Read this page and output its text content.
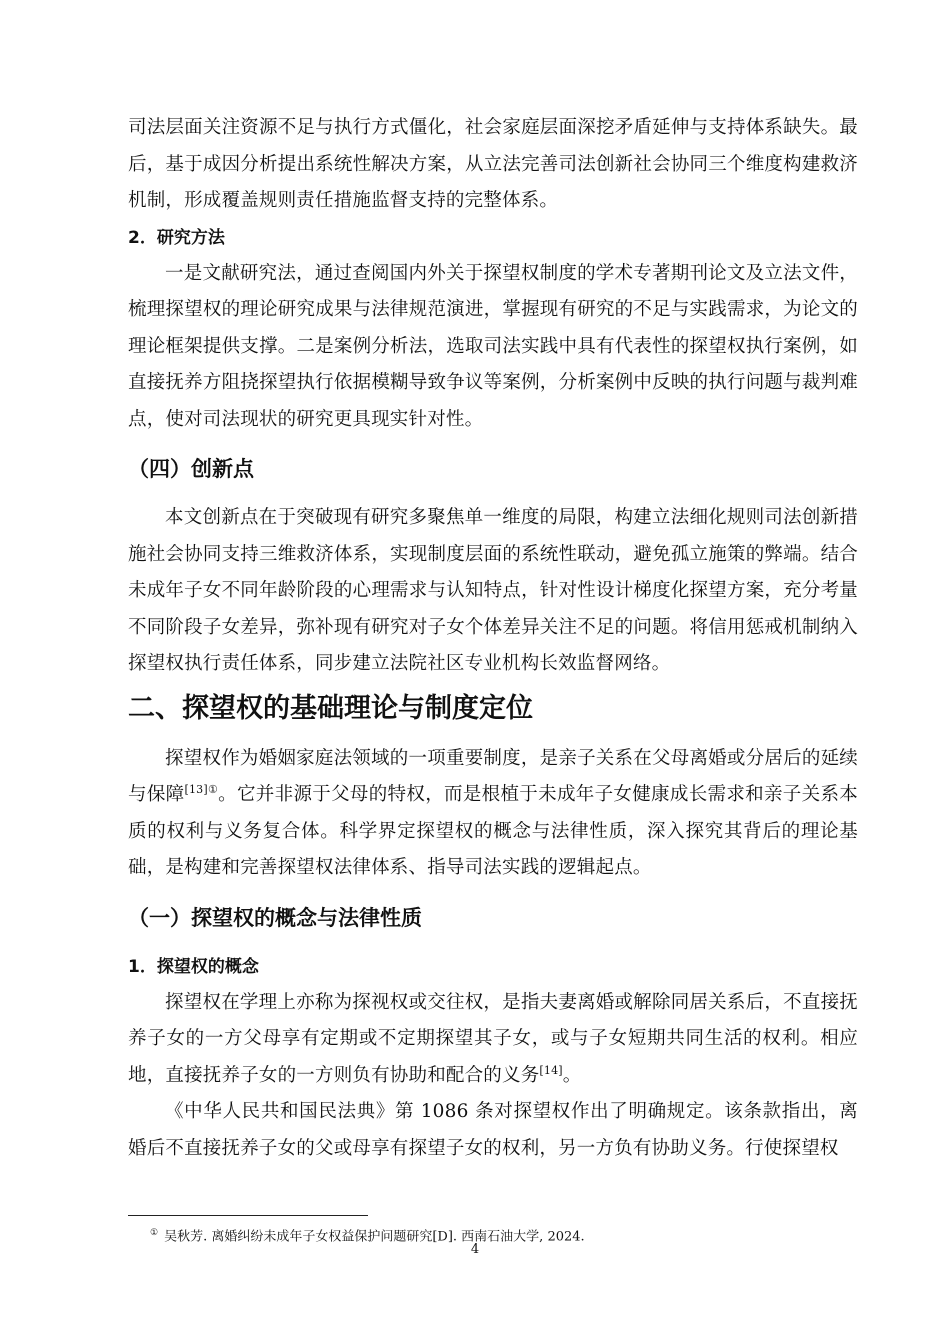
司法层面关注资源不足与执行方式僵化，社会家庭层面深挖矛盾延伸与支持体系缺失。最后，基于成因分析提出系统性解决方案，从立法完善司法创新社会协同三个维度构建救济机制，形成覆盖规则责任措施监督支持的完整体系。

2．研究方法

一是文献研究法，通过查阅国内外关于探望权制度的学术专著期刊论文及立法文件，梳理探望权的理论研究成果与法律规范演进，掌握现有研究的不足与实践需求，为论文的理论框架提供支撑。二是案例分析法，选取司法实践中具有代表性的探望权执行案例，如直接抚养方阻挠探望执行依据模糊导致争议等案例，分析案例中反映的执行问题与裁判难点，使对司法现状的研究更具现实针对性。

（四）创新点

本文创新点在于突破现有研究多聚焦单一维度的局限，构建立法细化规则司法创新措施社会协同支持三维救济体系，实现制度层面的系统性联动，避免孤立施策的弊端。结合未成年子女不同年龄阶段的心理需求与认知特点，针对性设计梯度化探望方案，充分考量不同阶段子女差异，弥补现有研究对子女个体差异关注不足的问题。将信用惩戒机制纳入探望权执行责任体系，同步建立法院社区专业机构长效监督网络。

二、探望权的基础理论与制度定位

探望权作为婚姻家庭法领域的一项重要制度，是亲子关系在父母离婚或分居后的延续与保障$^{[13]①}$。它并非源于父母的特权，而是根植于未成年子女健康成长需求和亲子关系本质的权利与义务复合体。科学界定探望权的概念与法律性质，深入探究其背后的理论基础，是构建和完善探望权法律体系、指导司法实践的逻辑起点。

（一）探望权的概念与法律性质

1．探望权的概念

探望权在学理上亦称为探视权或交往权，是指夫妻离婚或解除同居关系后，不直接抚养子女的一方父母享有定期或不定期探望其子女，或与子女短期共同生活的权利。相应地，直接抚养子女的一方则负有协助和配合的义务[14]。

《中华人民共和国民法典》第 1086 条对探望权作出了明确规定。该条款指出，离婚后不直接抚养子女的父或母享有探望子女的权利，另一方负有协助义务。行使探望权

① 吴秋芳. 离婚纠纷未成年子女权益保护问题研究[D]. 西南石油大学, 2024.
4
